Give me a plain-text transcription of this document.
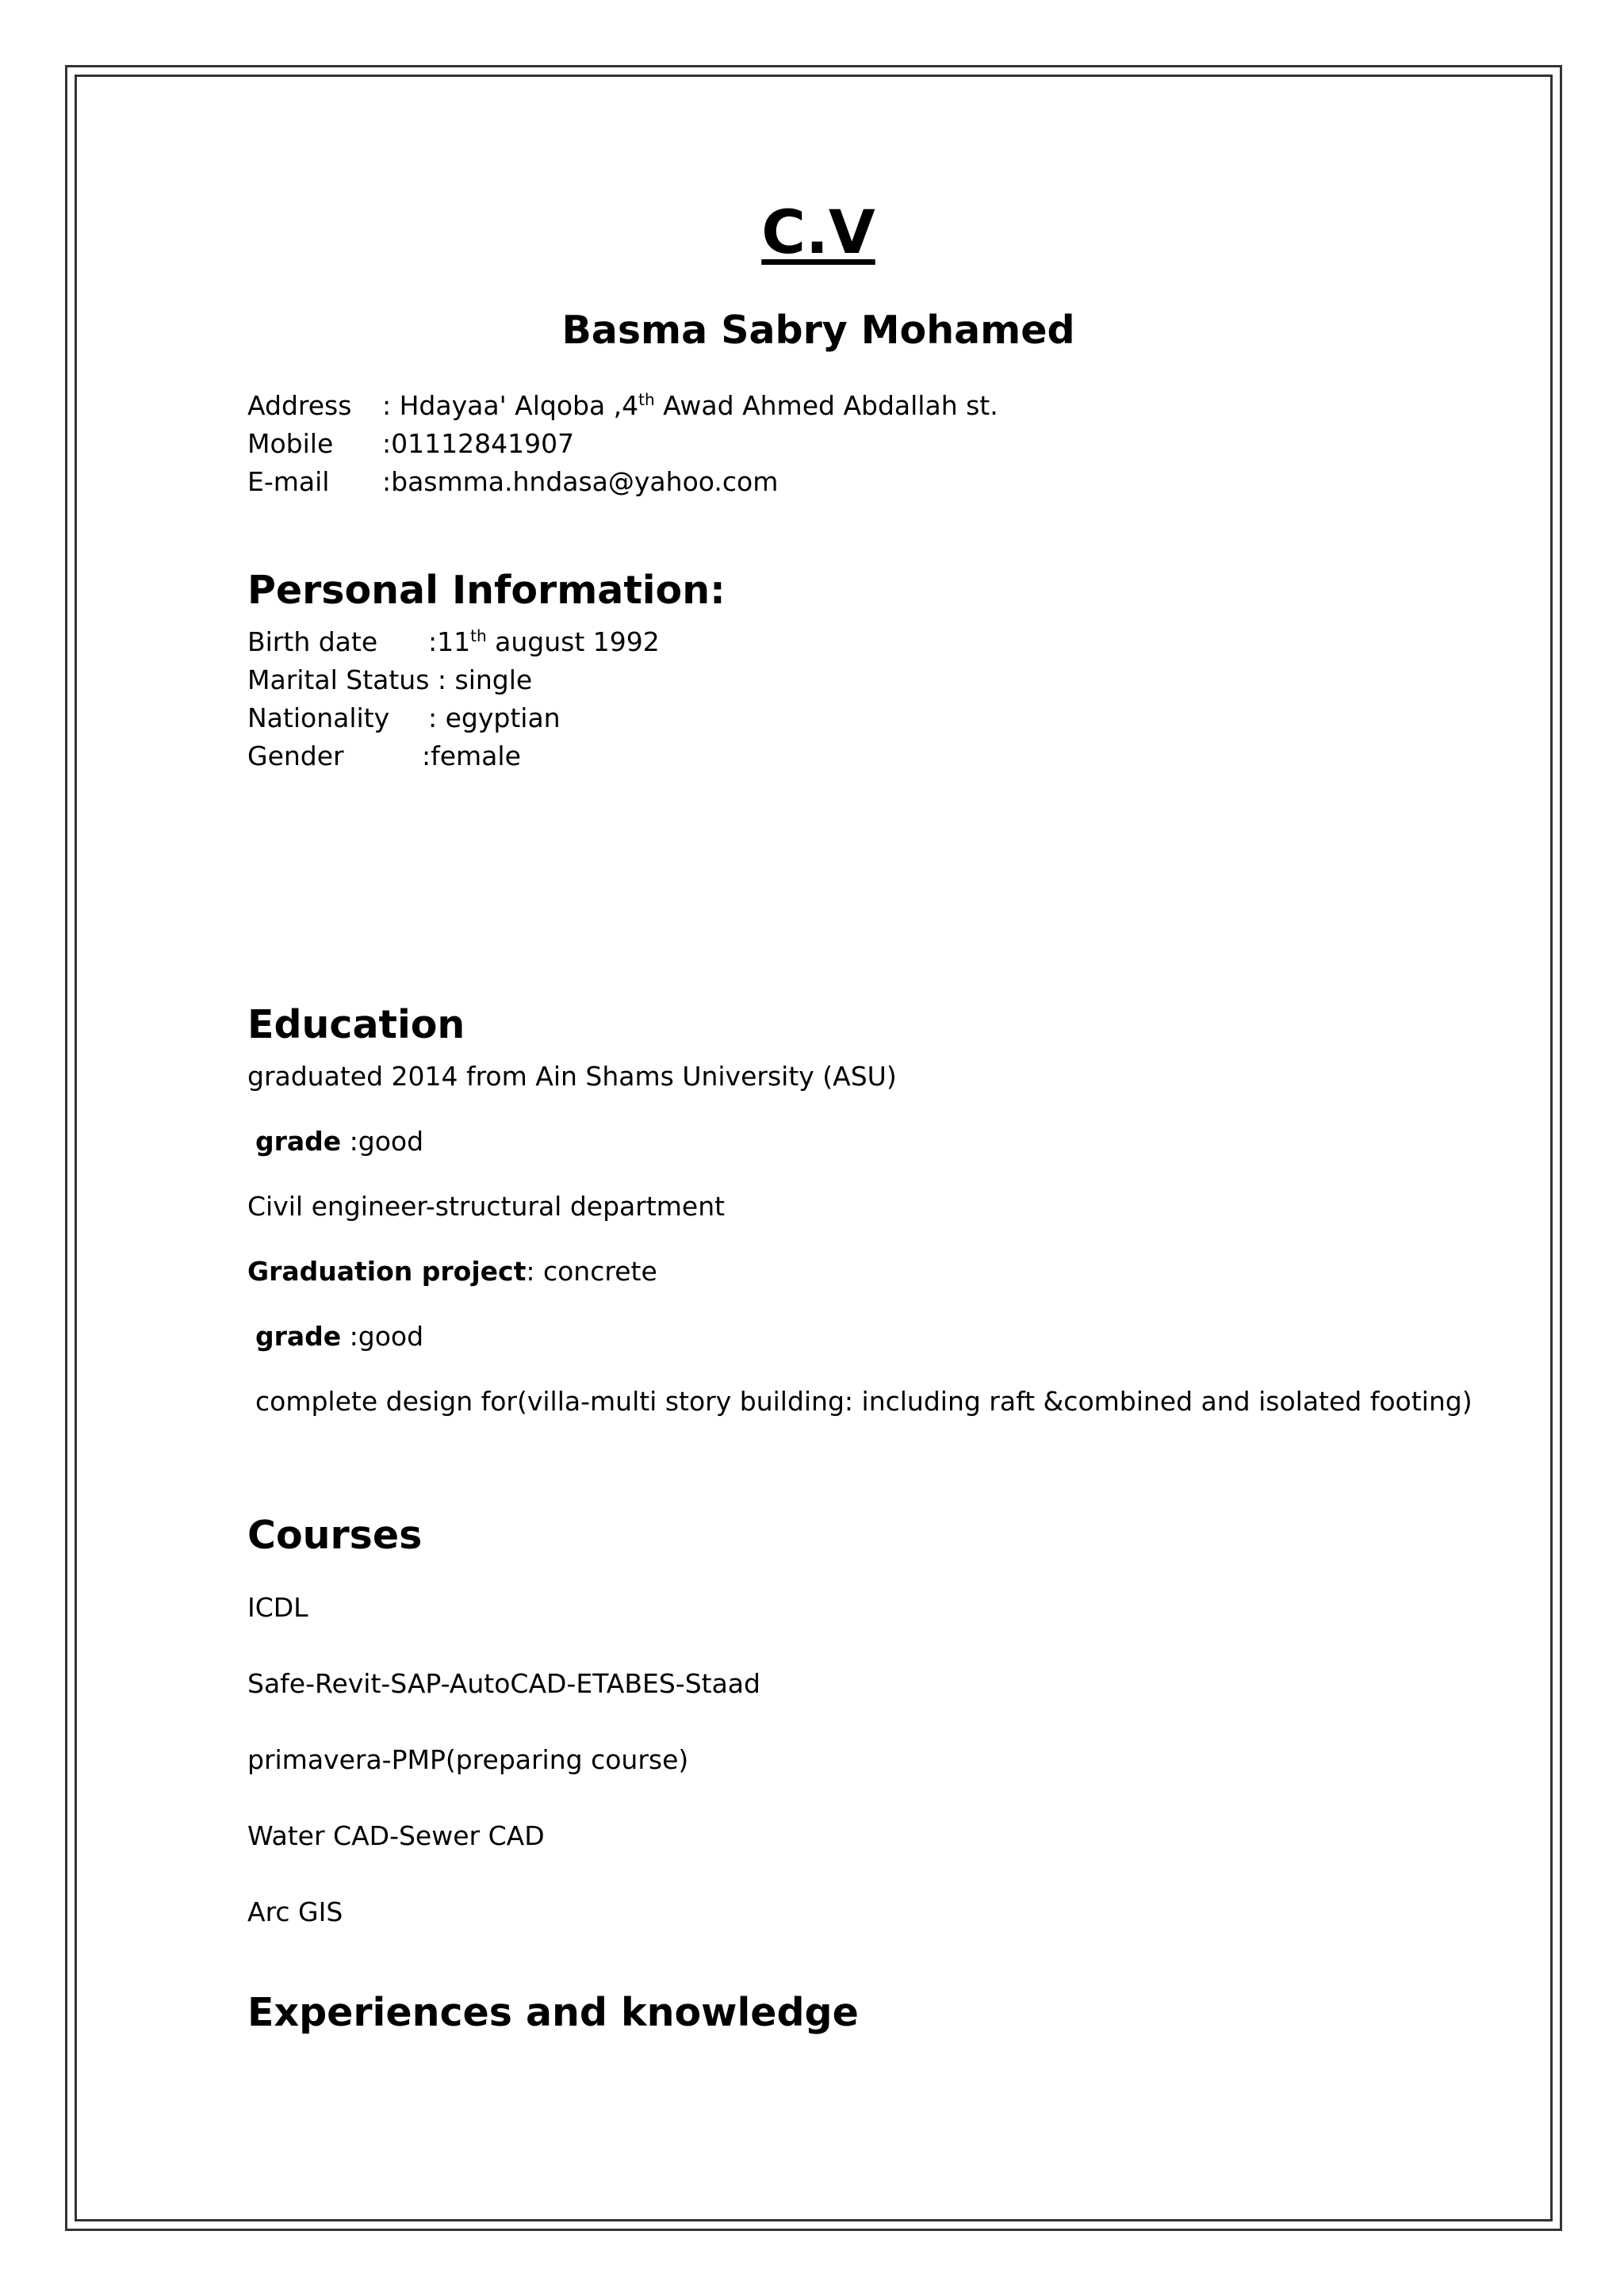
C.V
Basma Sabry Mohamed
Address : Hdayaa' Alqoba ,4th Awad Ahmed Abdallah st.
Mobile :01112841907
E-mail :basmma.hndasa@yahoo.com
Personal Information:
Birth date :11th august 1992
Marital Status : single
Nationality : egyptian
Gender	:female
Education
graduated 2014 from Ain Shams University (ASU)
grade :good
Civil engineer-structural department
Graduation project: concrete
grade :good
complete design for(villa-multi story building: including raft &combined and isolated footing)
Courses
ICDL
Safe-Revit-SAP-AutoCAD-ETABES-Staad
primavera-PMP(preparing course)
Water CAD-Sewer CAD
Arc GIS
Experiences and knowledge
